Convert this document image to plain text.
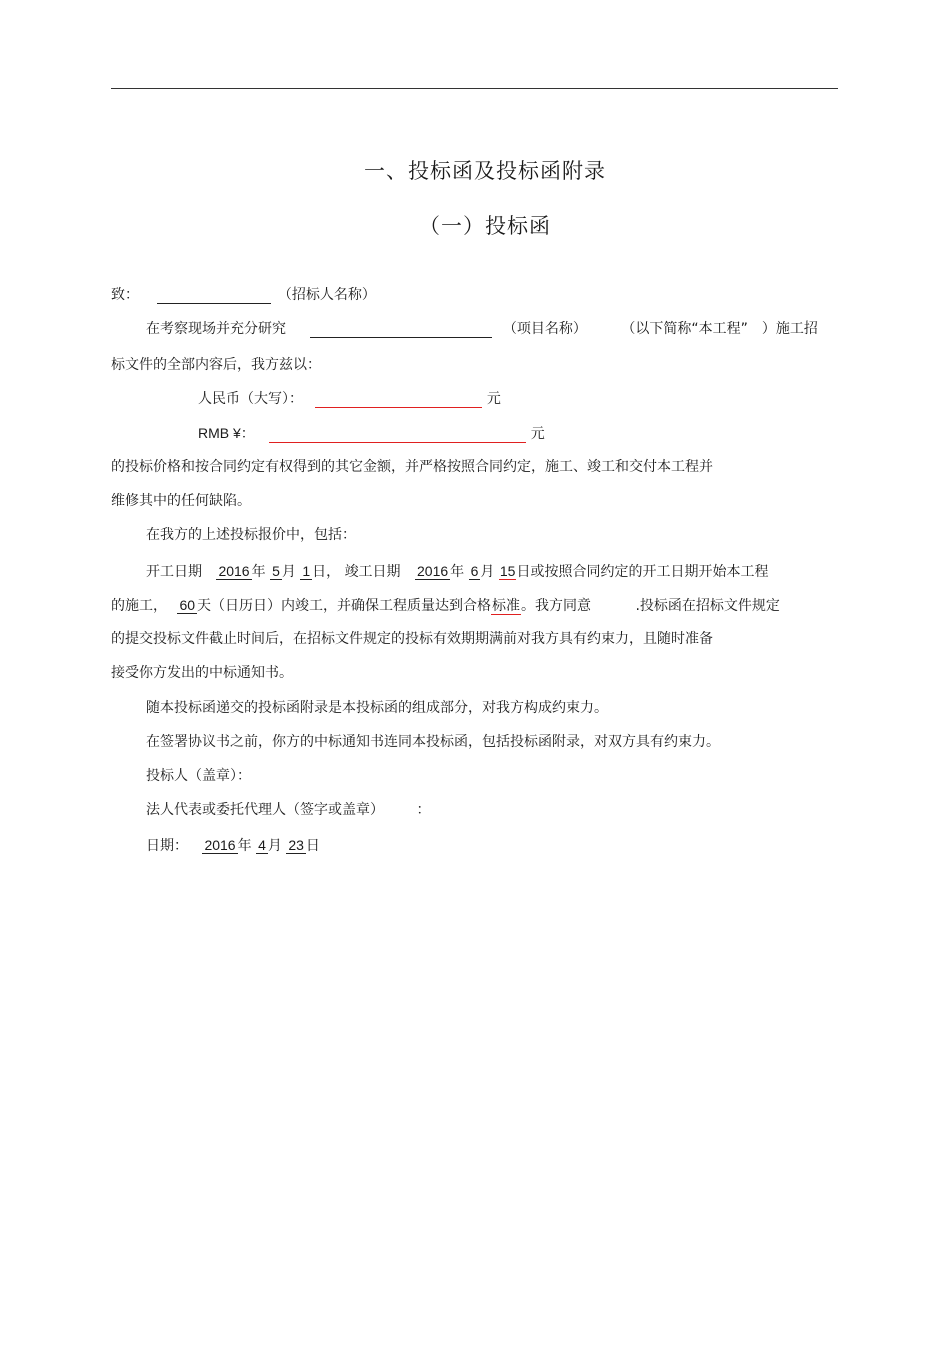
一、投标函及投标函附录
（一）投标函
致：	（招标人名称）
在考察现场并充分研究	（项目名称） （以下简称“本工程”　）施工招
标文件的全部内容后，我方兹以：
人民币（大写）：	元
RMB ¥：	元
的投标价格和按合同约定有权得到的其它金额，并严格按照合同约定，施工、竣工和交付本工程并
维修其中的任何缺陷。
在我方的上述投标报价中，包括：
开工日期 2016 年 5 月 1 日， 竣工日期 2016 年 6 月 15日或按照合同约定的开工日期开始本工程
的施工， 60 天（日历日）内竣工，并确保工程质量达到合格标准。我方同意	.投标函在招标文件规定
的提交投标文件截止时间后，在招标文件规定的投标有效期期满前对我方具有约束力，且随时准备
接受你方发出的中标通知书。
随本投标函递交的投标函附录是本投标函的组成部分，对我方构成约束力。
在签署协议书之前，你方的中标通知书连同本投标函，包括投标函附录，对双方具有约束力。
投标人（盖章）：
法人代表或委托代理人（签字或盖章） ：
日期： 2016 年 4 月 23 日
